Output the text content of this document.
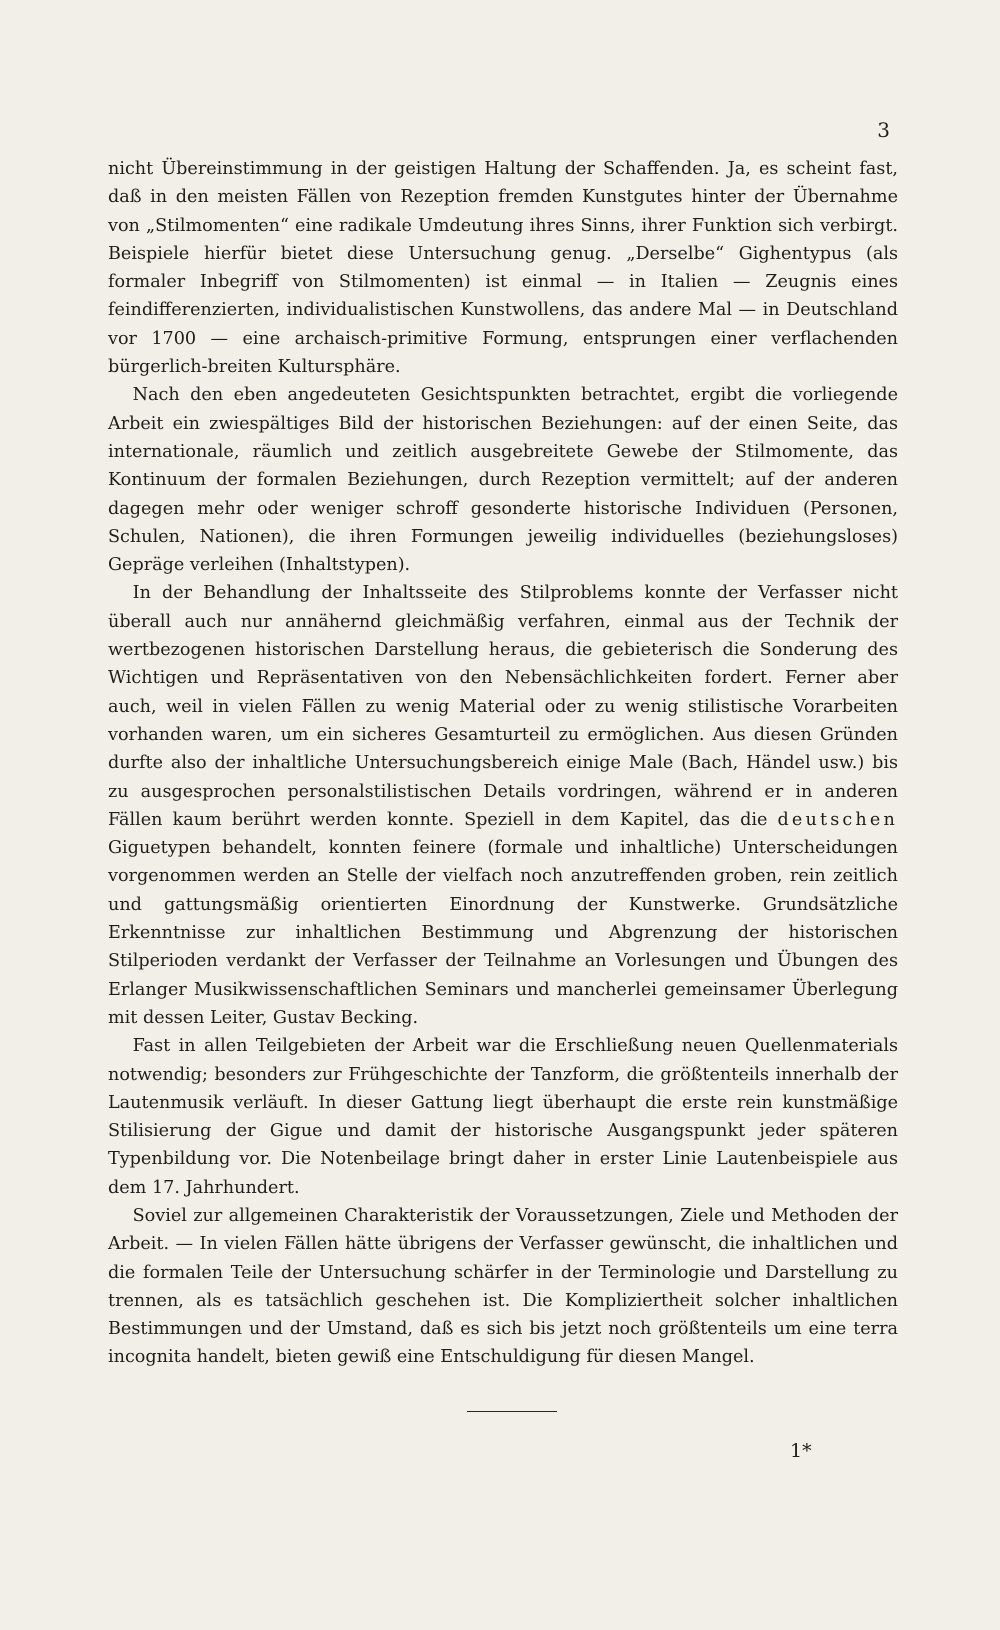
3

nicht Übereinstimmung in der geistigen Haltung der Schaffenden. Ja, es scheint fast, daß in den meisten Fällen von Rezeption fremden Kunstgutes hinter der Übernahme von „Stilmomenten“ eine radikale Umdeutung ihres Sinns, ihrer Funktion sich verbirgt. Beispiele hierfür bietet diese Untersuchung genug. „Derselbe“ Gighentypus (als formaler Inbegriff von Stilmomenten) ist einmal — in Italien — Zeugnis eines feindifferenzierten, individualistischen Kunstwollens, das andere Mal — in Deutschland vor 1700 — eine archaisch-primitive Formung, entsprungen einer verflachenden bürgerlich-breiten Kultursphäre.

Nach den eben angedeuteten Gesichtspunkten betrachtet, ergibt die vorliegende Arbeit ein zwiespältiges Bild der historischen Beziehungen: auf der einen Seite, das internationale, räumlich und zeitlich ausgebreitete Gewebe der Stilmomente, das Kontinuum der formalen Beziehungen, durch Rezeption vermittelt; auf der anderen dagegen mehr oder weniger schroff gesonderte historische Individuen (Personen, Schulen, Nationen), die ihren Formungen jeweilig individuelles (beziehungsloses) Gepräge verleihen (Inhaltstypen).

In der Behandlung der Inhaltsseite des Stilproblems konnte der Verfasser nicht überall auch nur annähernd gleichmäßig verfahren, einmal aus der Technik der wertbezogenen historischen Darstellung heraus, die gebieterisch die Sonderung des Wichtigen und Repräsentativen von den Nebensächlichkeiten fordert. Ferner aber auch, weil in vielen Fällen zu wenig Material oder zu wenig stilistische Vorarbeiten vorhanden waren, um ein sicheres Gesamturteil zu ermöglichen. Aus diesen Gründen durfte also der inhaltliche Untersuchungsbereich einige Male (Bach, Händel usw.) bis zu ausgesprochen personalstilistischen Details vordringen, während er in anderen Fällen kaum berührt werden konnte. Speziell in dem Kapitel, das die deutschen Giguetypen behandelt, konnten feinere (formale und inhaltliche) Unterscheidungen vorgenommen werden an Stelle der vielfach noch anzutreffenden groben, rein zeitlich und gattungsmäßig orientierten Einordnung der Kunstwerke. Grundsätzliche Erkenntnisse zur inhaltlichen Bestimmung und Abgrenzung der historischen Stilperioden verdankt der Verfasser der Teilnahme an Vorlesungen und Übungen des Erlanger Musikwissenschaftlichen Seminars und mancherlei gemeinsamer Überlegung mit dessen Leiter, Gustav Becking.

Fast in allen Teilgebieten der Arbeit war die Erschließung neuen Quellenmaterials notwendig; besonders zur Frühgeschichte der Tanzform, die größtenteils innerhalb der Lautenmusik verläuft. In dieser Gattung liegt überhaupt die erste rein kunstmäßige Stilisierung der Gigue und damit der historische Ausgangspunkt jeder späteren Typenbildung vor. Die Notenbeilage bringt daher in erster Linie Lautenbeispiele aus dem 17. Jahrhundert.

Soviel zur allgemeinen Charakteristik der Voraussetzungen, Ziele und Methoden der Arbeit. — In vielen Fällen hätte übrigens der Verfasser gewünscht, die inhaltlichen und die formalen Teile der Untersuchung schärfer in der Terminologie und Darstellung zu trennen, als es tatsächlich geschehen ist. Die Kompliziertheit solcher inhaltlichen Bestimmungen und der Umstand, daß es sich bis jetzt noch größtenteils um eine terra incognita handelt, bieten gewiß eine Entschuldigung für diesen Mangel.

1*
